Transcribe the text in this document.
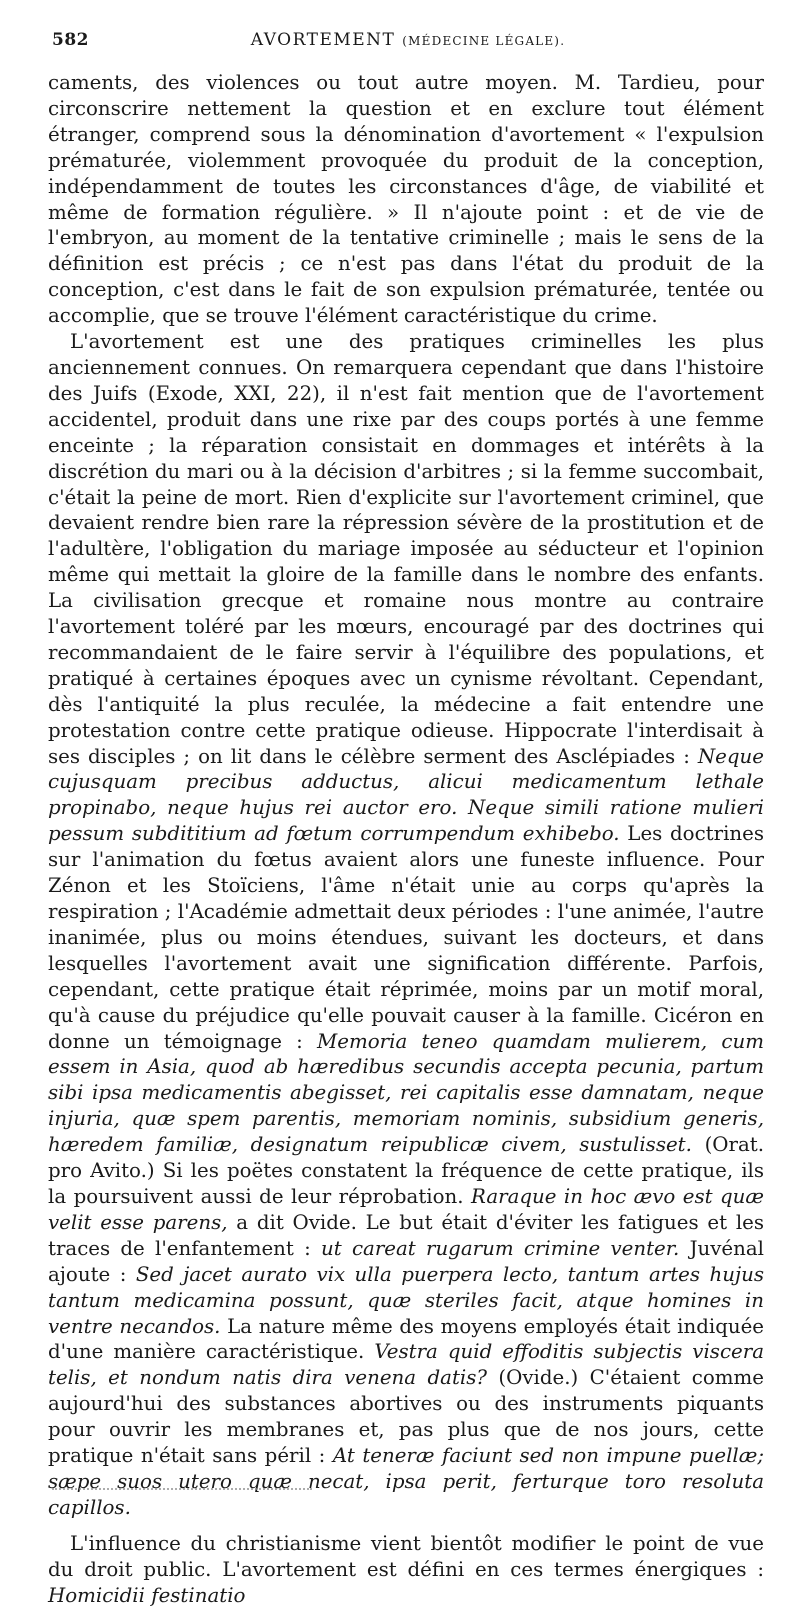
582	AVORTEMENT (MÉDECINE LÉGALE).

caments, des violences ou tout autre moyen. M. Tardieu, pour circonscrire nettement la question et en exclure tout élément étranger, comprend sous la dénomination d'avortement « l'expulsion prématurée, violemment provoquée du produit de la conception, indépendamment de toutes les circonstances d'âge, de viabilité et même de formation régulière. » Il n'ajoute point : et de vie de l'embryon, au moment de la tentative criminelle ; mais le sens de la définition est précis ; ce n'est pas dans l'état du produit de la conception, c'est dans le fait de son expulsion prématurée, tentée ou accomplie, que se trouve l'élément caractéristique du crime.

L'avortement est une des pratiques criminelles les plus anciennement connues. On remarquera cependant que dans l'histoire des Juifs (Exode, XXI, 22), il n'est fait mention que de l'avortement accidentel, produit dans une rixe par des coups portés à une femme enceinte ; la réparation consistait en dommages et intérêts à la discrétion du mari ou à la décision d'arbitres ; si la femme succombait, c'était la peine de mort. Rien d'explicite sur l'avortement criminel, que devaient rendre bien rare la répression sévère de la prostitution et de l'adultère, l'obligation du mariage imposée au séducteur et l'opinion même qui mettait la gloire de la famille dans le nombre des enfants. La civilisation grecque et romaine nous montre au contraire l'avortement toléré par les mœurs, encouragé par des doctrines qui recommandaient de le faire servir à l'équilibre des populations, et pratiqué à certaines époques avec un cynisme révoltant. Cependant, dès l'antiquité la plus reculée, la médecine a fait entendre une protestation contre cette pratique odieuse. Hippocrate l'interdisait à ses disciples ; on lit dans le célèbre serment des Asclépiades : Neque cujusquam precibus adductus, alicui medicamentum lethale propinabo, neque hujus rei auctor ero. Neque simili ratione mulieri pessum subdititium ad fœtum corrumpendum exhibebo. Les doctrines sur l'animation du fœtus avaient alors une funeste influence. Pour Zénon et les Stoïciens, l'âme n'était unie au corps qu'après la respiration ; l'Académie admettait deux périodes : l'une animée, l'autre inanimée, plus ou moins étendues, suivant les docteurs, et dans lesquelles l'avortement avait une signification différente. Parfois, cependant, cette pratique était réprimée, moins par un motif moral, qu'à cause du préjudice qu'elle pouvait causer à la famille. Cicéron en donne un témoignage : Memoria teneo quamdam mulierem, cum essem in Asia, quod ab hæredibus secundis accepta pecunia, partum sibi ipsa medicamentis abegisset, rei capitalis esse damnatam, neque injuria, quæ spem parentis, memoriam nominis, subsidium generis, hæredem familiæ, designatum reipublicæ civem, sustulisset. (Orat. pro Avito.) Si les poëtes constatent la fréquence de cette pratique, ils la poursuivent aussi de leur réprobation. Raraque in hoc ævo est quæ velit esse parens, a dit Ovide. Le but était d'éviter les fatigues et les traces de l'enfantement : ut careat rugarum crimine venter. Juvénal ajoute : Sed jacet aurato vix ulla puerpera lecto, tantum artes hujus tantum medicamina possunt, quæ steriles facit, atque homines in ventre necandos. La nature même des moyens employés était indiquée d'une manière caractéristique. Vestra quid effoditis subjectis viscera telis, et nondum natis dira venena datis? (Ovide.) C'étaient comme aujourd'hui des substances abortives ou des instruments piquants pour ouvrir les membranes et, pas plus que de nos jours, cette pratique n'était sans péril : At teneræ faciunt sed non impune puellæ; sæpe suos utero quæ necat, ipsa perit, ferturque toro resoluta capillos.

L'influence du christianisme vient bientôt modifier le point de vue du droit public. L'avortement est défini en ces termes énergiques : Homicidii festinatio
